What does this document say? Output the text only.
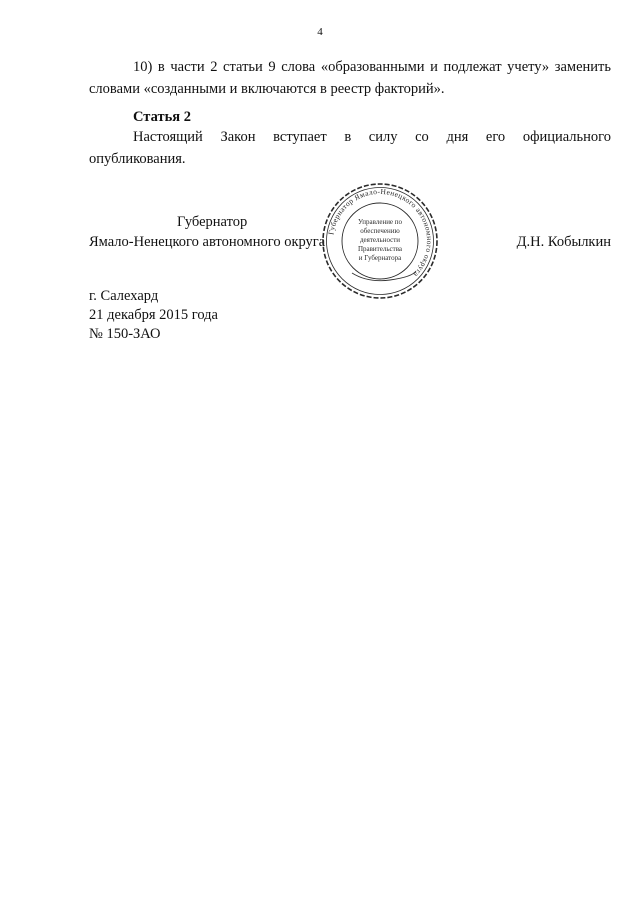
4

10) в части 2 статьи 9 слова «образованными и подлежат учету» заменить
словами «созданными и включаются в реестр факторий».

Статья 2

Настоящий Закон вступает в силу со дня его официального
опубликования.

Губернатор
Ямало-Ненецкого автономного округа
Губернатор Ямало-Ненецкого автономного округа
Управление по
обеспечению
деятельности
Правительства
и Губернатора
Д.Н. Кобылкин
г. Салехард
21 декабря 2015 года
№ 150-ЗАО
